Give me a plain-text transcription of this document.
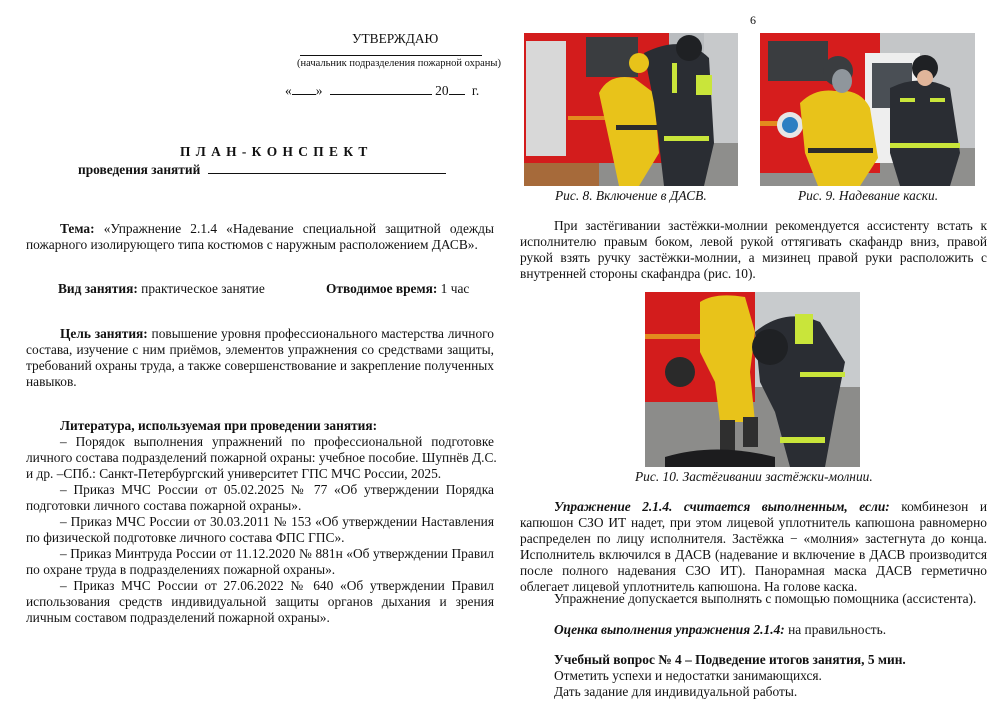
УТВЕРЖДАЮ
(начальник подразделения пожарной охраны)
« »	20 г.
П Л А Н - К О Н С П Е К Т
проведения занятий
Тема: «Упражнение 2.1.4 «Надевание специальной защитной одежды
пожарного изолирующего типа костюмов с наружным расположением ДАСВ».
Вид занятия: практическое занятие	Отводимое время: 1 час
Цель занятия: повышение уровня профессионального мастерства личного
состава, изучение с ним приёмов, элементов упражнения со средствами защиты,
требований охраны труда, а также совершенствование и закрепление полученных
навыков.
Литература, используемая при проведении занятия:
– Порядок выполнения упражнений по профессиональной подготовке
личного состава подразделений пожарной охраны: учебное пособие. Шупнёв Д.С.
и др. –СПб.: Санкт-Петербургский университет ГПС МЧС России, 2025.
– Приказ МЧС России от 05.02.2025 № 77 «Об утверждении Порядка
подготовки личного состава пожарной охраны».
– Приказ МЧС России от 30.03.2011 № 153 «Об утверждении Наставления
по физической подготовке личного состава ФПС ГПС».
– Приказ Минтруда России от 11.12.2020 № 881н «Об утверждении Правил
по охране труда в подразделениях пожарной охраны».
– Приказ МЧС России от 27.06.2022 № 640 «Об утверждении Правил
использования средств индивидуальной защиты органов дыхания и зрения
личным составом подразделений пожарной охраны».
6
Рис. 8. Включение в ДАСВ.	Рис. 9. Надевание каски.
При застёгивании застёжки-молнии рекомендуется ассистенту встать к
исполнителю правым боком, левой рукой оттягивать скафандр вниз, правой
рукой взять ручку застёжки-молнии, а мизинец правой руки расположить с
внутренней стороны скафандра (рис. 10).
Рис. 10. Застёгивании застёжки-молнии.
Упражнение 2.1.4. считается выполненным, если: комбинезон и
капюшон СЗО ИТ надет, при этом лицевой уплотнитель капюшона равномерно
распределен по лицу исполнителя. Застёжка − «молния» застегнута до конца.
Исполнитель включился в ДАСВ (надевание и включение в ДАСВ производится
после полного надевания СЗО ИТ). Панорамная маска ДАСВ герметично
облегает лицевой уплотнитель капюшона. На голове каска.
Упражнение допускается выполнять с помощью помощника (ассистента).
Оценка выполнения упражнения 2.1.4: на правильность.
Учебный вопрос № 4 – Подведение итогов занятия, 5 мин.
Отметить успехи и недостатки занимающихся.
Дать задание для индивидуальной работы.
